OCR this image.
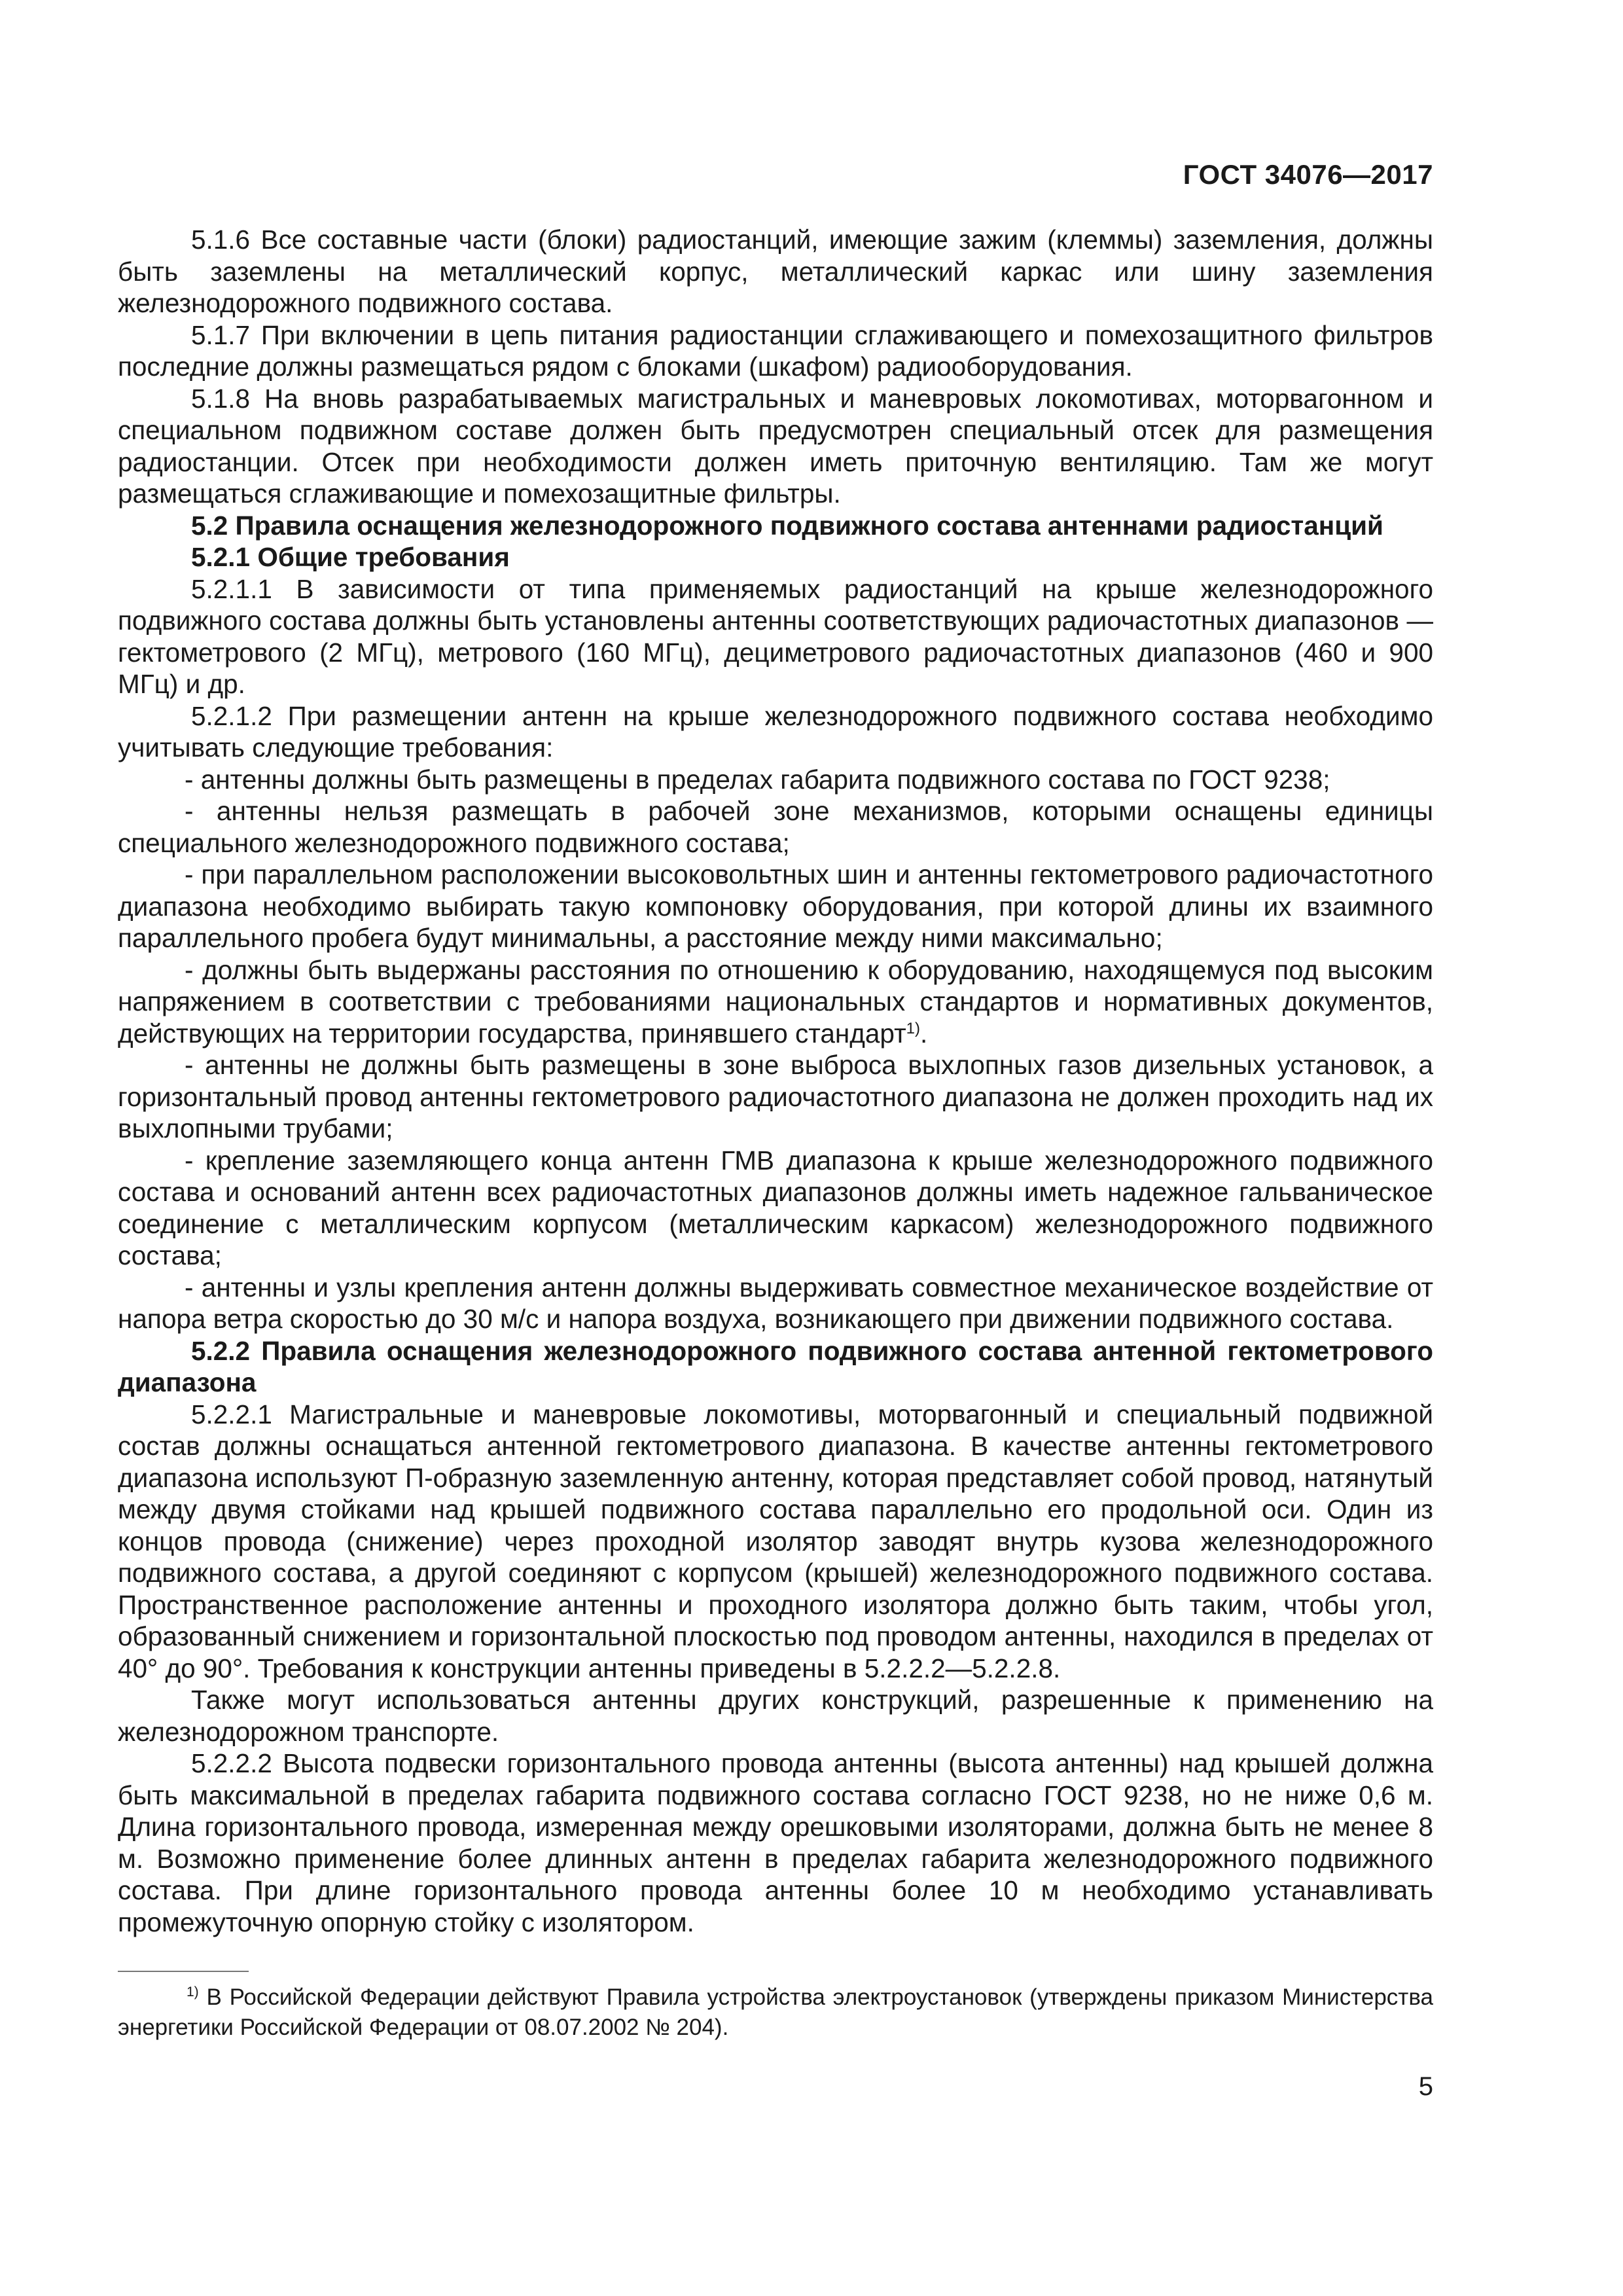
ГОСТ 34076—2017

5.1.6 Все составные части (блоки) радиостанций, имеющие зажим (клеммы) заземления, должны быть заземлены на металлический корпус, металлический каркас или шину заземления железнодорожного подвижного состава.

5.1.7 При включении в цепь питания радиостанции сглаживающего и помехозащитного фильтров последние должны размещаться рядом с блоками (шкафом) радиооборудования.

5.1.8 На вновь разрабатываемых магистральных и маневровых локомотивах, моторвагонном и специальном подвижном составе должен быть предусмотрен специальный отсек для размещения радиостанции. Отсек при необходимости должен иметь приточную вентиляцию. Там же могут размещаться сглаживающие и помехозащитные фильтры.

5.2 Правила оснащения железнодорожного подвижного состава антеннами радиостанций

5.2.1 Общие требования

5.2.1.1 В зависимости от типа применяемых радиостанций на крыше железнодорожного подвижного состава должны быть установлены антенны соответствующих радиочастотных диапазонов — гектометрового (2 МГц), метрового (160 МГц), дециметрового радиочастотных диапазонов (460 и 900 МГц) и др.

5.2.1.2 При размещении антенн на крыше железнодорожного подвижного состава необходимо учитывать следующие требования:

- антенны должны быть размещены в пределах габарита подвижного состава по ГОСТ 9238;

- антенны нельзя размещать в рабочей зоне механизмов, которыми оснащены единицы специального железнодорожного подвижного состава;

- при параллельном расположении высоковольтных шин и антенны гектометрового радиочастотного диапазона необходимо выбирать такую компоновку оборудования, при которой длины их взаимного параллельного пробега будут минимальны, а расстояние между ними максимально;

- должны быть выдержаны расстояния по отношению к оборудованию, находящемуся под высоким напряжением в соответствии с требованиями национальных стандартов и нормативных документов, действующих на территории государства, принявшего стандарт$^{1)}$.

- антенны не должны быть размещены в зоне выброса выхлопных газов дизельных установок, а горизонтальный провод антенны гектометрового радиочастотного диапазона не должен проходить над их выхлопными трубами;

- крепление заземляющего конца антенн ГМВ диапазона к крыше железнодорожного подвижного состава и оснований антенн всех радиочастотных диапазонов должны иметь надежное гальваническое соединение с металлическим корпусом (металлическим каркасом) железнодорожного подвижного состава;

- антенны и узлы крепления антенн должны выдерживать совместное механическое воздействие от напора ветра скоростью до 30 м/с и напора воздуха, возникающего при движении подвижного состава.

5.2.2 Правила оснащения железнодорожного подвижного состава антенной гектометрового диапазона

5.2.2.1 Магистральные и маневровые локомотивы, моторвагонный и специальный подвижной состав должны оснащаться антенной гектометрового диапазона. В качестве антенны гектометрового диапазона используют П-образную заземленную антенну, которая представляет собой провод, натянутый между двумя стойками над крышей подвижного состава параллельно его продольной оси. Один из концов провода (снижение) через проходной изолятор заводят внутрь кузова железнодорожного подвижного состава, а другой соединяют с корпусом (крышей) железнодорожного подвижного состава. Пространственное расположение антенны и проходного изолятора должно быть таким, чтобы угол, образованный снижением и горизонтальной плоскостью под проводом антенны, находился в пределах от 40° до 90°. Требования к конструкции антенны приведены в 5.2.2.2—5.2.2.8.

Также могут использоваться антенны других конструкций, разрешенные к применению на железнодорожном транспорте.

5.2.2.2 Высота подвески горизонтального провода антенны (высота антенны) над крышей должна быть максимальной в пределах габарита подвижного состава согласно ГОСТ 9238, но не ниже 0,6 м. Длина горизонтального провода, измеренная между орешковыми изоляторами, должна быть не менее 8 м. Возможно применение более длинных антенн в пределах габарита железнодорожного подвижного состава. При длине горизонтального провода антенны более 10 м необходимо устанавливать промежуточную опорную стойку с изолятором.

$^{1)}$ В Российской Федерации действуют Правила устройства электроустановок (утверждены приказом Министерства энергетики Российской Федерации от 08.07.2002 № 204).
5
